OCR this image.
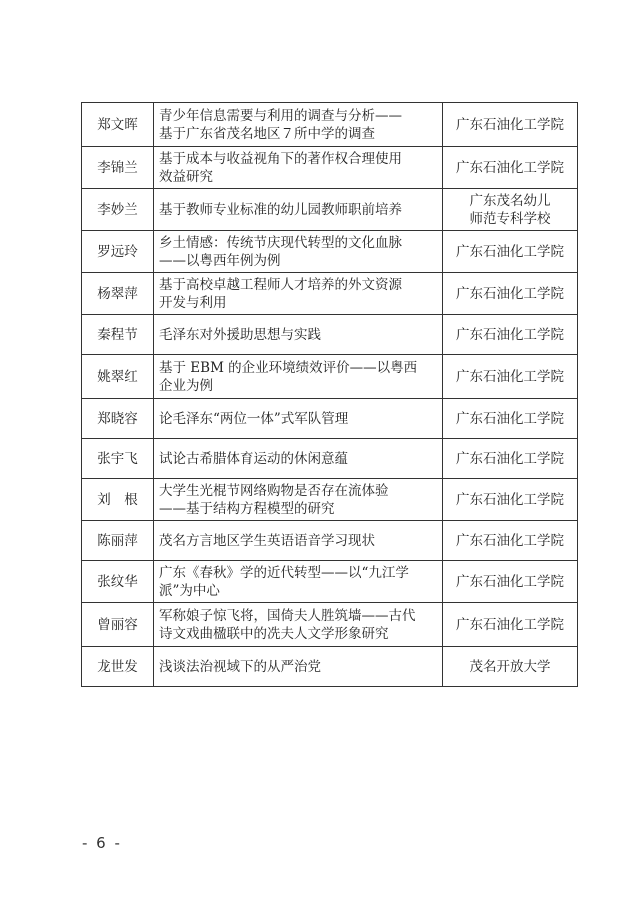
郑文晖	青少年信息需要与利用的调查与分析——
基于广东省茂名地区７所中学的调查	广东石油化工学院

李锦兰	基于成本与收益视角下的著作权合理使用
效益研究	广东石油化工学院

李妙兰	基于教师专业标准的幼儿园教师职前培养	广东茂名幼儿
师范专科学校

罗远玲	乡土情感：传统节庆现代转型的文化血脉
——以粤西年例为例	广东石油化工学院

杨翠萍	基于高校卓越工程师人才培养的外文资源
开发与利用	广东石油化工学院

秦程节	毛泽东对外援助思想与实践	广东石油化工学院

姚翠红	基于 EBM 的企业环境绩效评价——以粤西
企业为例	广东石油化工学院

郑晓容	论毛泽东“两位一体”式军队管理	广东石油化工学院

张宇飞	试论古希腊体育运动的休闲意蕴	广东石油化工学院

刘　根	大学生光棍节网络购物是否存在流体验
——基于结构方程模型的研究	广东石油化工学院

陈丽萍	茂名方言地区学生英语语音学习现状	广东石油化工学院

张纹华	广东《春秋》学的近代转型——以“九江学
派”为中心	广东石油化工学院

曾丽容	军称娘子惊飞将，国倚夫人胜筑墙——古代
诗文戏曲楹联中的冼夫人文学形象研究	广东石油化工学院

龙世发	浅谈法治视域下的从严治党	茂名开放大学
- 6 -
